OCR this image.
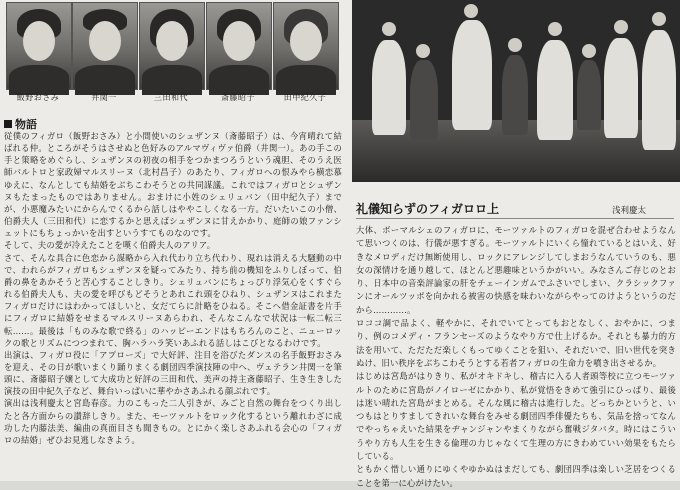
飯野おさみ	井関一	三田和代	斎藤昭子	田中紀久子
物語

従僕のフィガロ（飯野おさみ）と小間使いのシュザンヌ（斎藤昭子）は、今宵晴れて結ばれる仲。ところがそうはさせぬと色好みのアルマヴィヴァ伯爵（井関一）。あの手この手と策略をめぐらし、シュザンヌの初夜の相手をつかまつろうという魂胆、そのうえ医師バルトロと家政婦マルスリーヌ（北村昌子）のあたり、フィガロへの恨みやら横恋慕ゆえに、なんとしても結婚をぶちこわそうとの共同謀議。これではフィガロとシュザンヌもたまったものではありません。おまけに小姓のシェリュバン（田中紀久子）までが、小悪魔みたいにからんでくるから話しはややこしくなる一方。だいたいこの小僧、伯爵夫人（三田和代）に恋するかと思えばシュザンヌに甘えかかり、庭師の娘ファンシェットにもちょっかいを出すというすてものなのです。

そして、夫の愛が冷えたことを嘆く伯爵夫人のアリア。

さて、そんな具合に色恋から謀略から入れ代わり立ち代わり、現れは消える大騒動の中で、われらがフィガロもシュザンヌを疑ってみたり、持ち前の機知をふりしぼって、伯爵の鼻をあかそうと苦心することしきり。シェリュバンにちょっぴり浮気心をくすぐられる伯爵夫人も、夫の愛を呼びもどそうとあれこれ頭をひねり、シュザンヌはこれまたフィガロだけにはわかってほしいと、女だてらに計略をひねる。そこへ借金証書を片手にフィガロに結婚をせまるマルスリーヌあらわれ、そんなこんなで状況は一転二転三転……。最後は「ものみな歌で終る」のハッピーエンドはもちろんのこと、ニューロックの歌とリズムにつつまれて、胸ハラハラ笑いあふれる話しはこびとなるわけです。

出演は、フィガロ役に「アプローズ」で大好評、注目を浴びたダンスの名手飯野おさみを迎え、その日が歌いまくり踊りまくる劇団四季演技陣の中へ、ヴェテラン井関一を筆頭に、斎藤昭子嬢として大成功と好評の三田和代、美声の持主斎藤昭子、生き生きした演技の田中紀久子など、舞台いっぱいに華やかさあふれる顔ぶれです。

演出は浅利慶太と宮島春彦。力のこもった二人引きが、みごと自然の舞台をつくり出したと各方面からの讃辞しきり。また、モーツァルトをロック化するという離れわざに成功した内藤法美、編曲の真面目さも聞きもの。とにかく楽しさあふれる会心の「フィガロの結婚」ぜひお見逃しなきよう。

礼儀知らずのフィガロロ上	浅利慶太

大体、ボーマルシェのフィガロに、モーツァルトのフィガロを混ぜ合わせようなんて思いつくのは、行儀が悪すぎる。モーツァルトにいくら憧れているとはいえ、好きなメロディだけ無断使用し、ロックにアレンジしてしまおうなんていうのも、悪女の深情けを通り越して、ほとんど悪趣味というかがいい。みなさんご存じのとおり、日本中の音楽評論家の肝をチェーインガムでふさいでしまい、クラシックファンにオールツッポを向かれる被害の快感を味わいながらやってのけようというのだから…………。

ロココ調で品よく、軽やかに、それでいてとってもおとなしく、おやかに、つまり、例のコメディ・フランセーズのようなやり方で仕上げるか。それとも暴力的方法を用いて、ただただ楽しくもってゆくことを狙い、それだいで、旧い世代を突きぬけ、旧い秩序をぶちこわそうとする若者フィガロの生命力を噴き出させるか。

はじめは宮島がはりきり、私がオキドキし、稽古に入る人者頭等校に立つモーツァルトのために宮島がノイローゼにかかり、私が覚悟をきめて強引にひっぱり、最後は迷い晴れた宮島がまとめる。そんな風に稽古は進行した。どっちかというと、いつもはとりすましてきれいな舞台をみせる劇団四季俳優たちも、気品を捨ってなんでやっちゃえいた結果をヂャンジャンやまくりながら奮戦ジタバタ。時にはこういうやり方も人生を生きる倫理の力じゃなくて生理の方にきわめていい効果をもたらしている。

ともかく惜しい通りにゆくやゆかぬはまだしても、劇団四季は楽しい芝居をつくることを第一に心がけたい。
